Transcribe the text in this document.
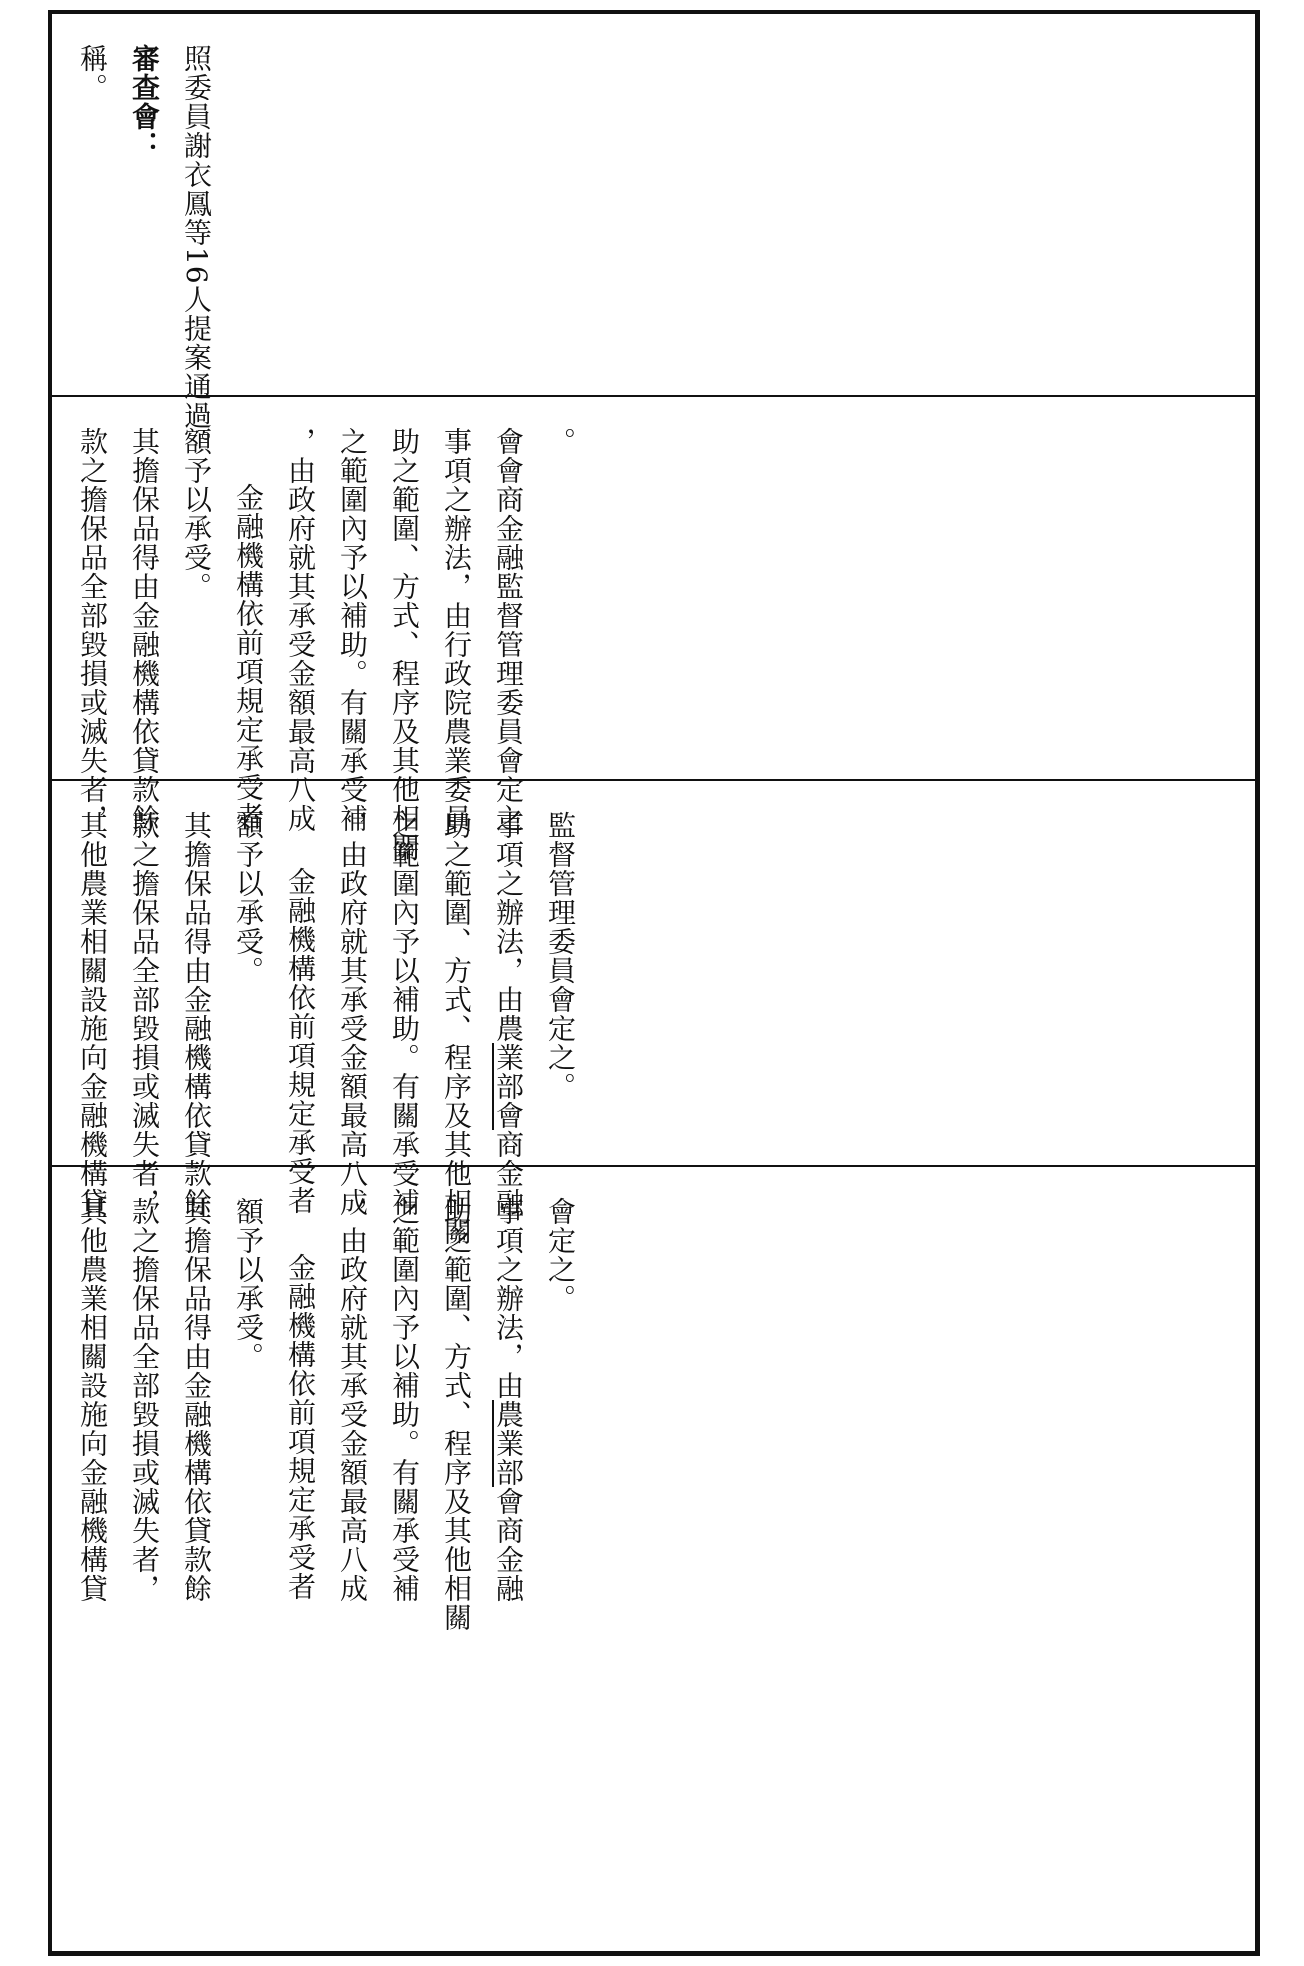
稱。 審查會： 照委員謝衣鳳等16人提案通過。
款之擔保品全部毀損或滅失者， 其擔保品得由金融機構依貸款餘 額予以承受。 金融機構依前項規定承受者 ，由政府就其承受金額最高八成 之範圍內予以補助。有關承受補 助之範圍、方式、程序及其他相關 事項之辦法，由行政院農業委員 會會商金融監督管理委員會定之 。
其他農業相關設施向金融機構貸 款之擔保品全部毀損或滅失者， 其擔保品得由金融機構依貸款餘 額予以承受。 金融機構依前項規定承受者 ，由政府就其承受金額最高八成 之範圍內予以補助。有關承受補 助之範圍、方式、程序及其他相關 事項之辦法，由農業部會商金融
監督管理委員會定之。
其他農業相關設施向金融機構貸 款之擔保品全部毀損或滅失者， 其擔保品得由金融機構依貸款餘 額予以承受。 金融機構依前項規定承受者 ，由政府就其承受金額最高八成 之範圍內予以補助。有關承受補 助之範圍、方式、程序及其他相關 事項之辦法，由農業部會商金融
會定之。
